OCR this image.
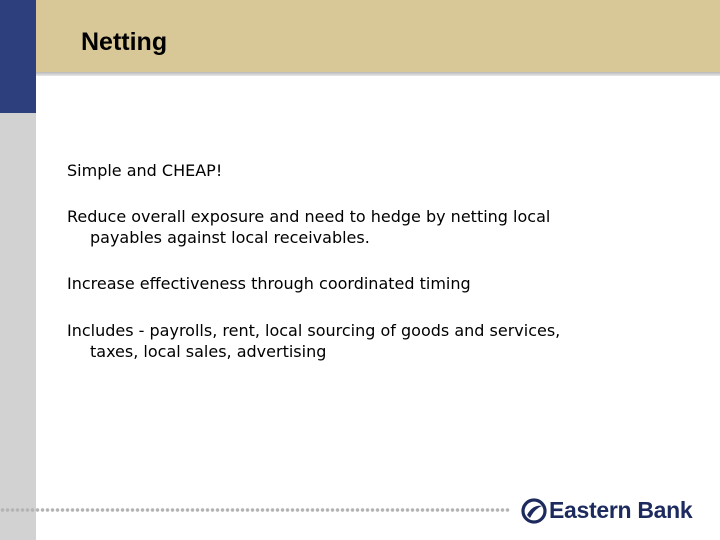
Netting
Simple and CHEAP!
Reduce overall exposure and need to hedge by netting local
payables against local receivables.
Increase effectiveness through coordinated timing
Includes - payrolls, rent, local sourcing of goods and services,
taxes, local sales, advertising
Eastern Bank
